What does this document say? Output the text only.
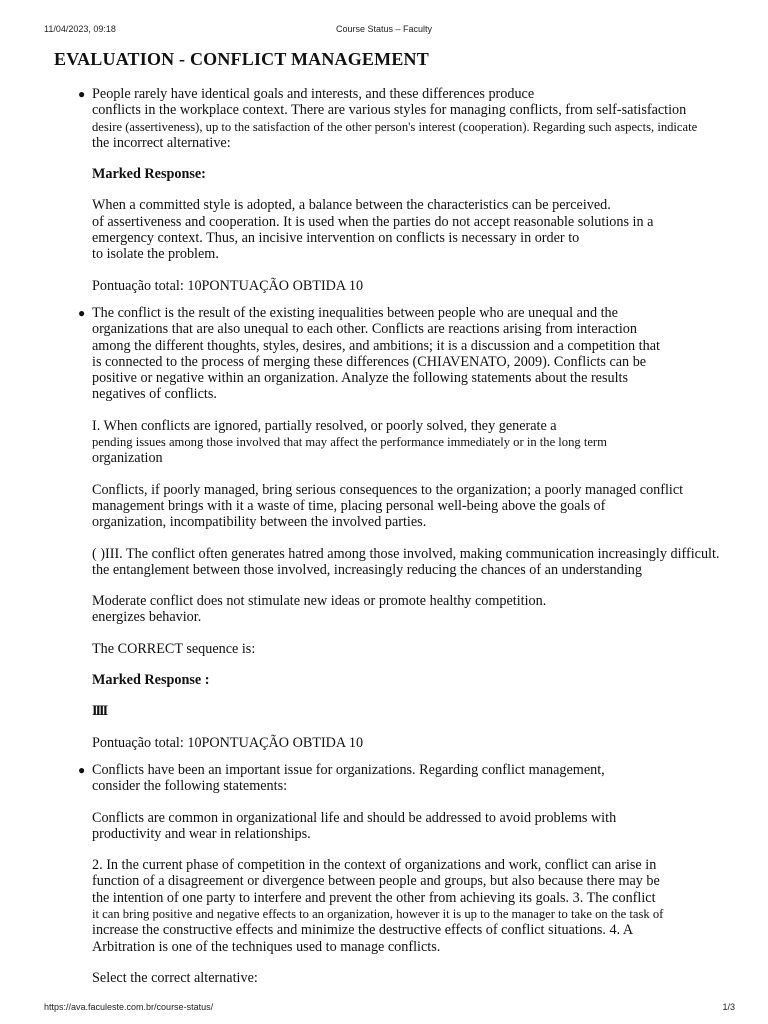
11/04/2023, 09:18	Course Status – Faculty
EVALUATION - CONFLICT MANAGEMENT
● People rarely have identical goals and interests, and these differences produce
conflicts in the workplace context. There are various styles for managing conflicts, from self-satisfaction
desire (assertiveness), up to the satisfaction of the other person's interest (cooperation). Regarding such aspects, indicate
the incorrect alternative:
Marked Response:
When a committed style is adopted, a balance between the characteristics can be perceived.
of assertiveness and cooperation. It is used when the parties do not accept reasonable solutions in a
emergency context. Thus, an incisive intervention on conflicts is necessary in order to
to isolate the problem.
Pontuação total: 10PONTUAÇÃO OBTIDA 10
● The conflict is the result of the existing inequalities between people who are unequal and the
organizations that are also unequal to each other. Conflicts are reactions arising from interaction
among the different thoughts, styles, desires, and ambitions; it is a discussion and a competition that
is connected to the process of merging these differences (CHIAVENATO, 2009). Conflicts can be
positive or negative within an organization. Analyze the following statements about the results
negatives of conflicts.
I. When conflicts are ignored, partially resolved, or poorly solved, they generate a
pending issues among those involved that may affect the performance immediately or in the long term
organization
Conflicts, if poorly managed, bring serious consequences to the organization; a poorly managed conflict
management brings with it a waste of time, placing personal well-being above the goals of
organization, incompatibility between the involved parties.
( )III. The conflict often generates hatred among those involved, making communication increasingly difficult.
the entanglement between those involved, increasingly reducing the chances of an understanding
Moderate conflict does not stimulate new ideas or promote healthy competition.
energizes behavior.
The CORRECT sequence is:
Marked Response :
IIII
Pontuação total: 10PONTUAÇÃO OBTIDA 10
● Conflicts have been an important issue for organizations. Regarding conflict management,
consider the following statements:
Conflicts are common in organizational life and should be addressed to avoid problems with
productivity and wear in relationships.
2. In the current phase of competition in the context of organizations and work, conflict can arise in
function of a disagreement or divergence between people and groups, but also because there may be
the intention of one party to interfere and prevent the other from achieving its goals. 3. The conflict
it can bring positive and negative effects to an organization, however it is up to the manager to take on the task of
increase the constructive effects and minimize the destructive effects of conflict situations. 4. A
Arbitration is one of the techniques used to manage conflicts.
Select the correct alternative:
https://ava.faculeste.com.br/course-status/	1/3
